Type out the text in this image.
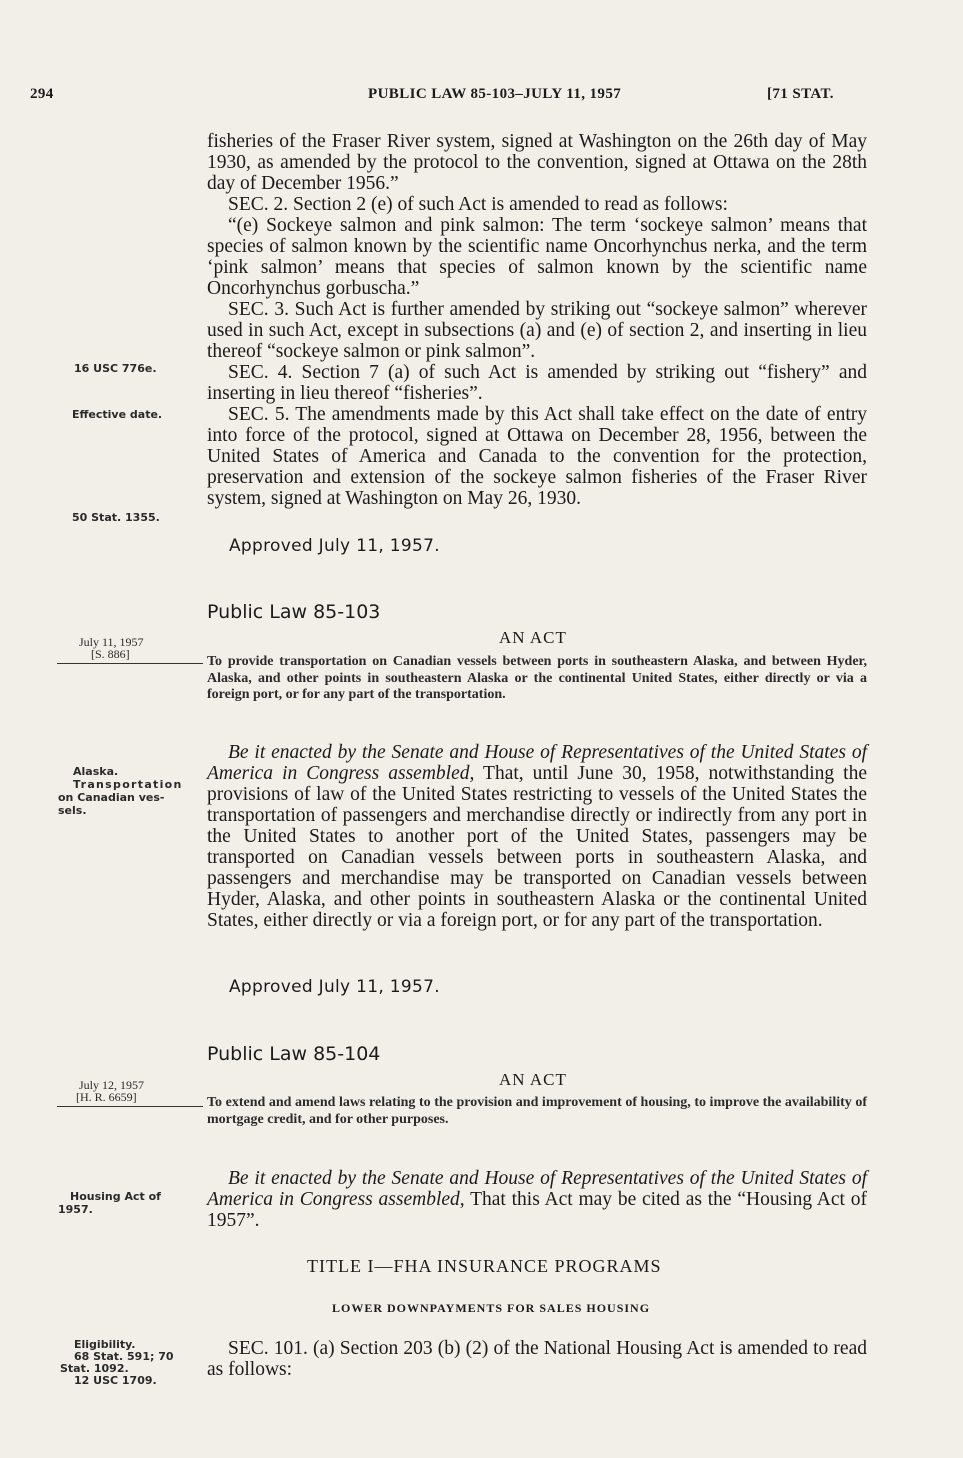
294	PUBLIC LAW 85-103–JULY 11, 1957	[71 STAT.
16 USC 776e.
Effective date.
50 Stat. 1355.
July 11, 1957
[S. 886]
Alaska.
Transportation
on Canadian ves-
sels.
July 12, 1957
[H. R. 6659]
Housing Act of
1957.
Eligibility.
68 Stat. 591; 70
Stat. 1092.
12 USC 1709.

fisheries of the Fraser River system, signed at Washington on the 26th day of May 1930, as amended by the protocol to the convention, signed at Ottawa on the 28th day of December 1956.”

SEC. 2. Section 2 (e) of such Act is amended to read as follows:

“(e) Sockeye salmon and pink salmon: The term ‘sockeye salmon’ means that species of salmon known by the scientific name Oncorhynchus nerka, and the term ‘pink salmon’ means that species of salmon known by the scientific name Oncorhynchus gorbuscha.”

SEC. 3. Such Act is further amended by striking out “sockeye salmon” wherever used in such Act, except in subsections (a) and (e) of section 2, and inserting in lieu thereof “sockeye salmon or pink salmon”.

SEC. 4. Section 7 (a) of such Act is amended by striking out “fishery” and inserting in lieu thereof “fisheries”.

SEC. 5. The amendments made by this Act shall take effect on the date of entry into force of the protocol, signed at Ottawa on December 28, 1956, between the United States of America and Canada to the convention for the protection, preservation and extension of the sockeye salmon fisheries of the Fraser River system, signed at Washington on May 26, 1930.

Approved July 11, 1957.
Public Law 85-103
AN ACT
To provide transportation on Canadian vessels between ports in southeastern Alaska, and between Hyder, Alaska, and other points in southeastern Alaska or the continental United States, either directly or via a foreign port, or for any part of the transportation.

Be it enacted by the Senate and House of Representatives of the United States of America in Congress assembled, That, until June 30, 1958, notwithstanding the provisions of law of the United States restricting to vessels of the United States the transportation of passengers and merchandise directly or indirectly from any port in the United States to another port of the United States, passengers may be transported on Canadian vessels between ports in southeastern Alaska, and passengers and merchandise may be transported on Canadian vessels between Hyder, Alaska, and other points in southeastern Alaska or the continental United States, either directly or via a foreign port, or for any part of the transportation.

Approved July 11, 1957.
Public Law 85-104
AN ACT
To extend and amend laws relating to the provision and improvement of housing, to improve the availability of mortgage credit, and for other purposes.

Be it enacted by the Senate and House of Representatives of the United States of America in Congress assembled, That this Act may be cited as the “Housing Act of 1957”.

TITLE I—FHA INSURANCE PROGRAMS
LOWER DOWNPAYMENTS FOR SALES HOUSING

SEC. 101. (a) Section 203 (b) (2) of the National Housing Act is amended to read as follows:
